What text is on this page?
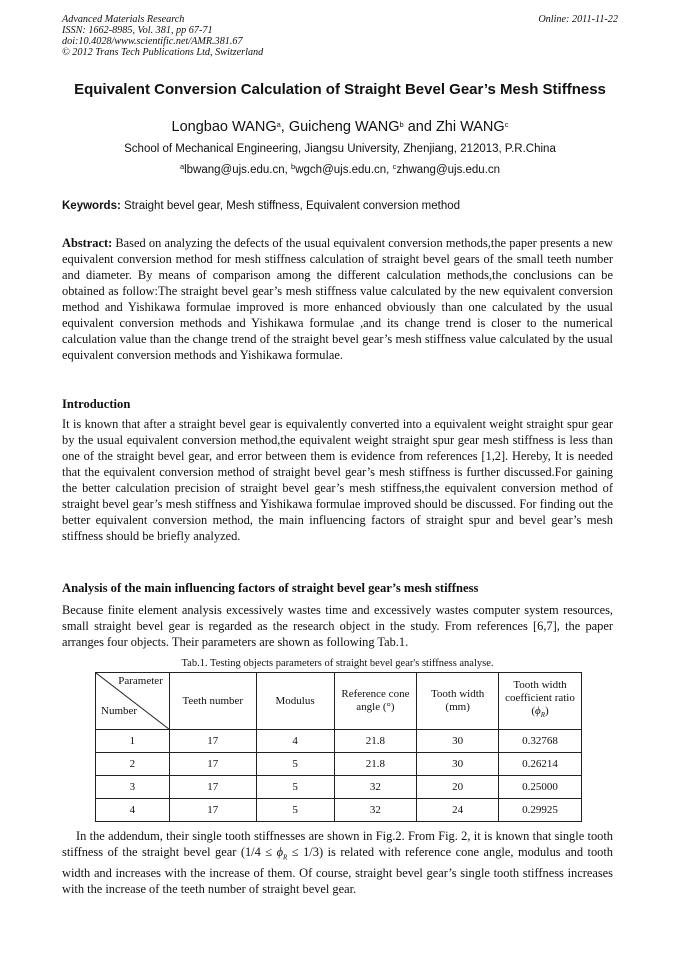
Advanced Materials Research
ISSN: 1662-8985, Vol. 381, pp 67-71
doi:10.4028/www.scientific.net/AMR.381.67
© 2012 Trans Tech Publications Ltd, Switzerland
Online: 2011-11-22
Equivalent Conversion Calculation of Straight Bevel Gear’s Mesh Stiffness
Longbao WANG$^a$, Guicheng WANG$^b$ and Zhi WANG$^c$
School of Mechanical Engineering, Jiangsu University, Zhenjiang, 212013, P.R.China
$^a$lbwang@ujs.edu.cn, $^b$wgch@ujs.edu.cn, $^c$zhwang@ujs.edu.cn
Keywords: Straight bevel gear, Mesh stiffness, Equivalent conversion method
Abstract: Based on analyzing the defects of the usual equivalent conversion methods,the paper presents a new equivalent conversion method for mesh stiffness calculation of straight bevel gears of the small teeth number and diameter. By means of comparison among the different calculation methods,the conclusions can be obtained as follow:The straight bevel gear’s mesh stiffness value calculated by the new equivalent conversion method and Yishikawa formulae improved is more enhanced obviously than one calculated by the usual equivalent conversion methods and Yishikawa formulae ,and its change trend is closer to the numerical calculation value than the change trend of the straight bevel gear’s mesh stiffness value calculated by the usual equivalent conversion methods and Yishikawa formulae.
Introduction
It is known that after a straight bevel gear is equivalently converted into a equivalent weight straight spur gear by the usual equivalent conversion method,the equivalent weight straight spur gear mesh stiffness is less than one of the straight bevel gear, and error between them is evidence from references [1,2]. Hereby, It is needed that the equivalent conversion method of straight bevel gear’s mesh stiffness is further discussed.For gaining the better calculation precision of straight bevel gear’s mesh stiffness,the equivalent conversion method of straight bevel gear’s mesh stiffness and Yishikawa formulae improved should be discussed. For finding out the better equivalent conversion method, the main influencing factors of straight spur and bevel gear’s mesh stiffness should be briefly analyzed.
Analysis of the main influencing factors of straight bevel gear’s mesh stiffness
Because finite element analysis excessively wastes time and excessively wastes computer system resources, small straight bevel gear is regarded as the research object in the study. From references [6,7], the paper arranges four objects. Their parameters are shown as following Tab.1.
Tab.1. Testing objects parameters of straight bevel gear's stiffness analyse.
Parameter
Number	Teeth number	Modulus	Reference cone angle (°)	Tooth width (mm)	Tooth width coefficient ratio $(\phi_R)$
1	17	4	21.8	30	0.32768
2	17	5	21.8	30	0.26214
3	17	5	32	20	0.25000
4	17	5	32	24	0.29925
In the addendum, their single tooth stiffnesses are shown in Fig.2. From Fig. 2, it is known that single tooth stiffness of the straight bevel gear $(1/4 \le \phi_R \le 1/3)$ is related with reference cone angle, modulus and tooth width and increases with the increase of them. Of course, straight bevel gear’s single tooth stiffness increases with the increase of the teeth number of straight bevel gear.
